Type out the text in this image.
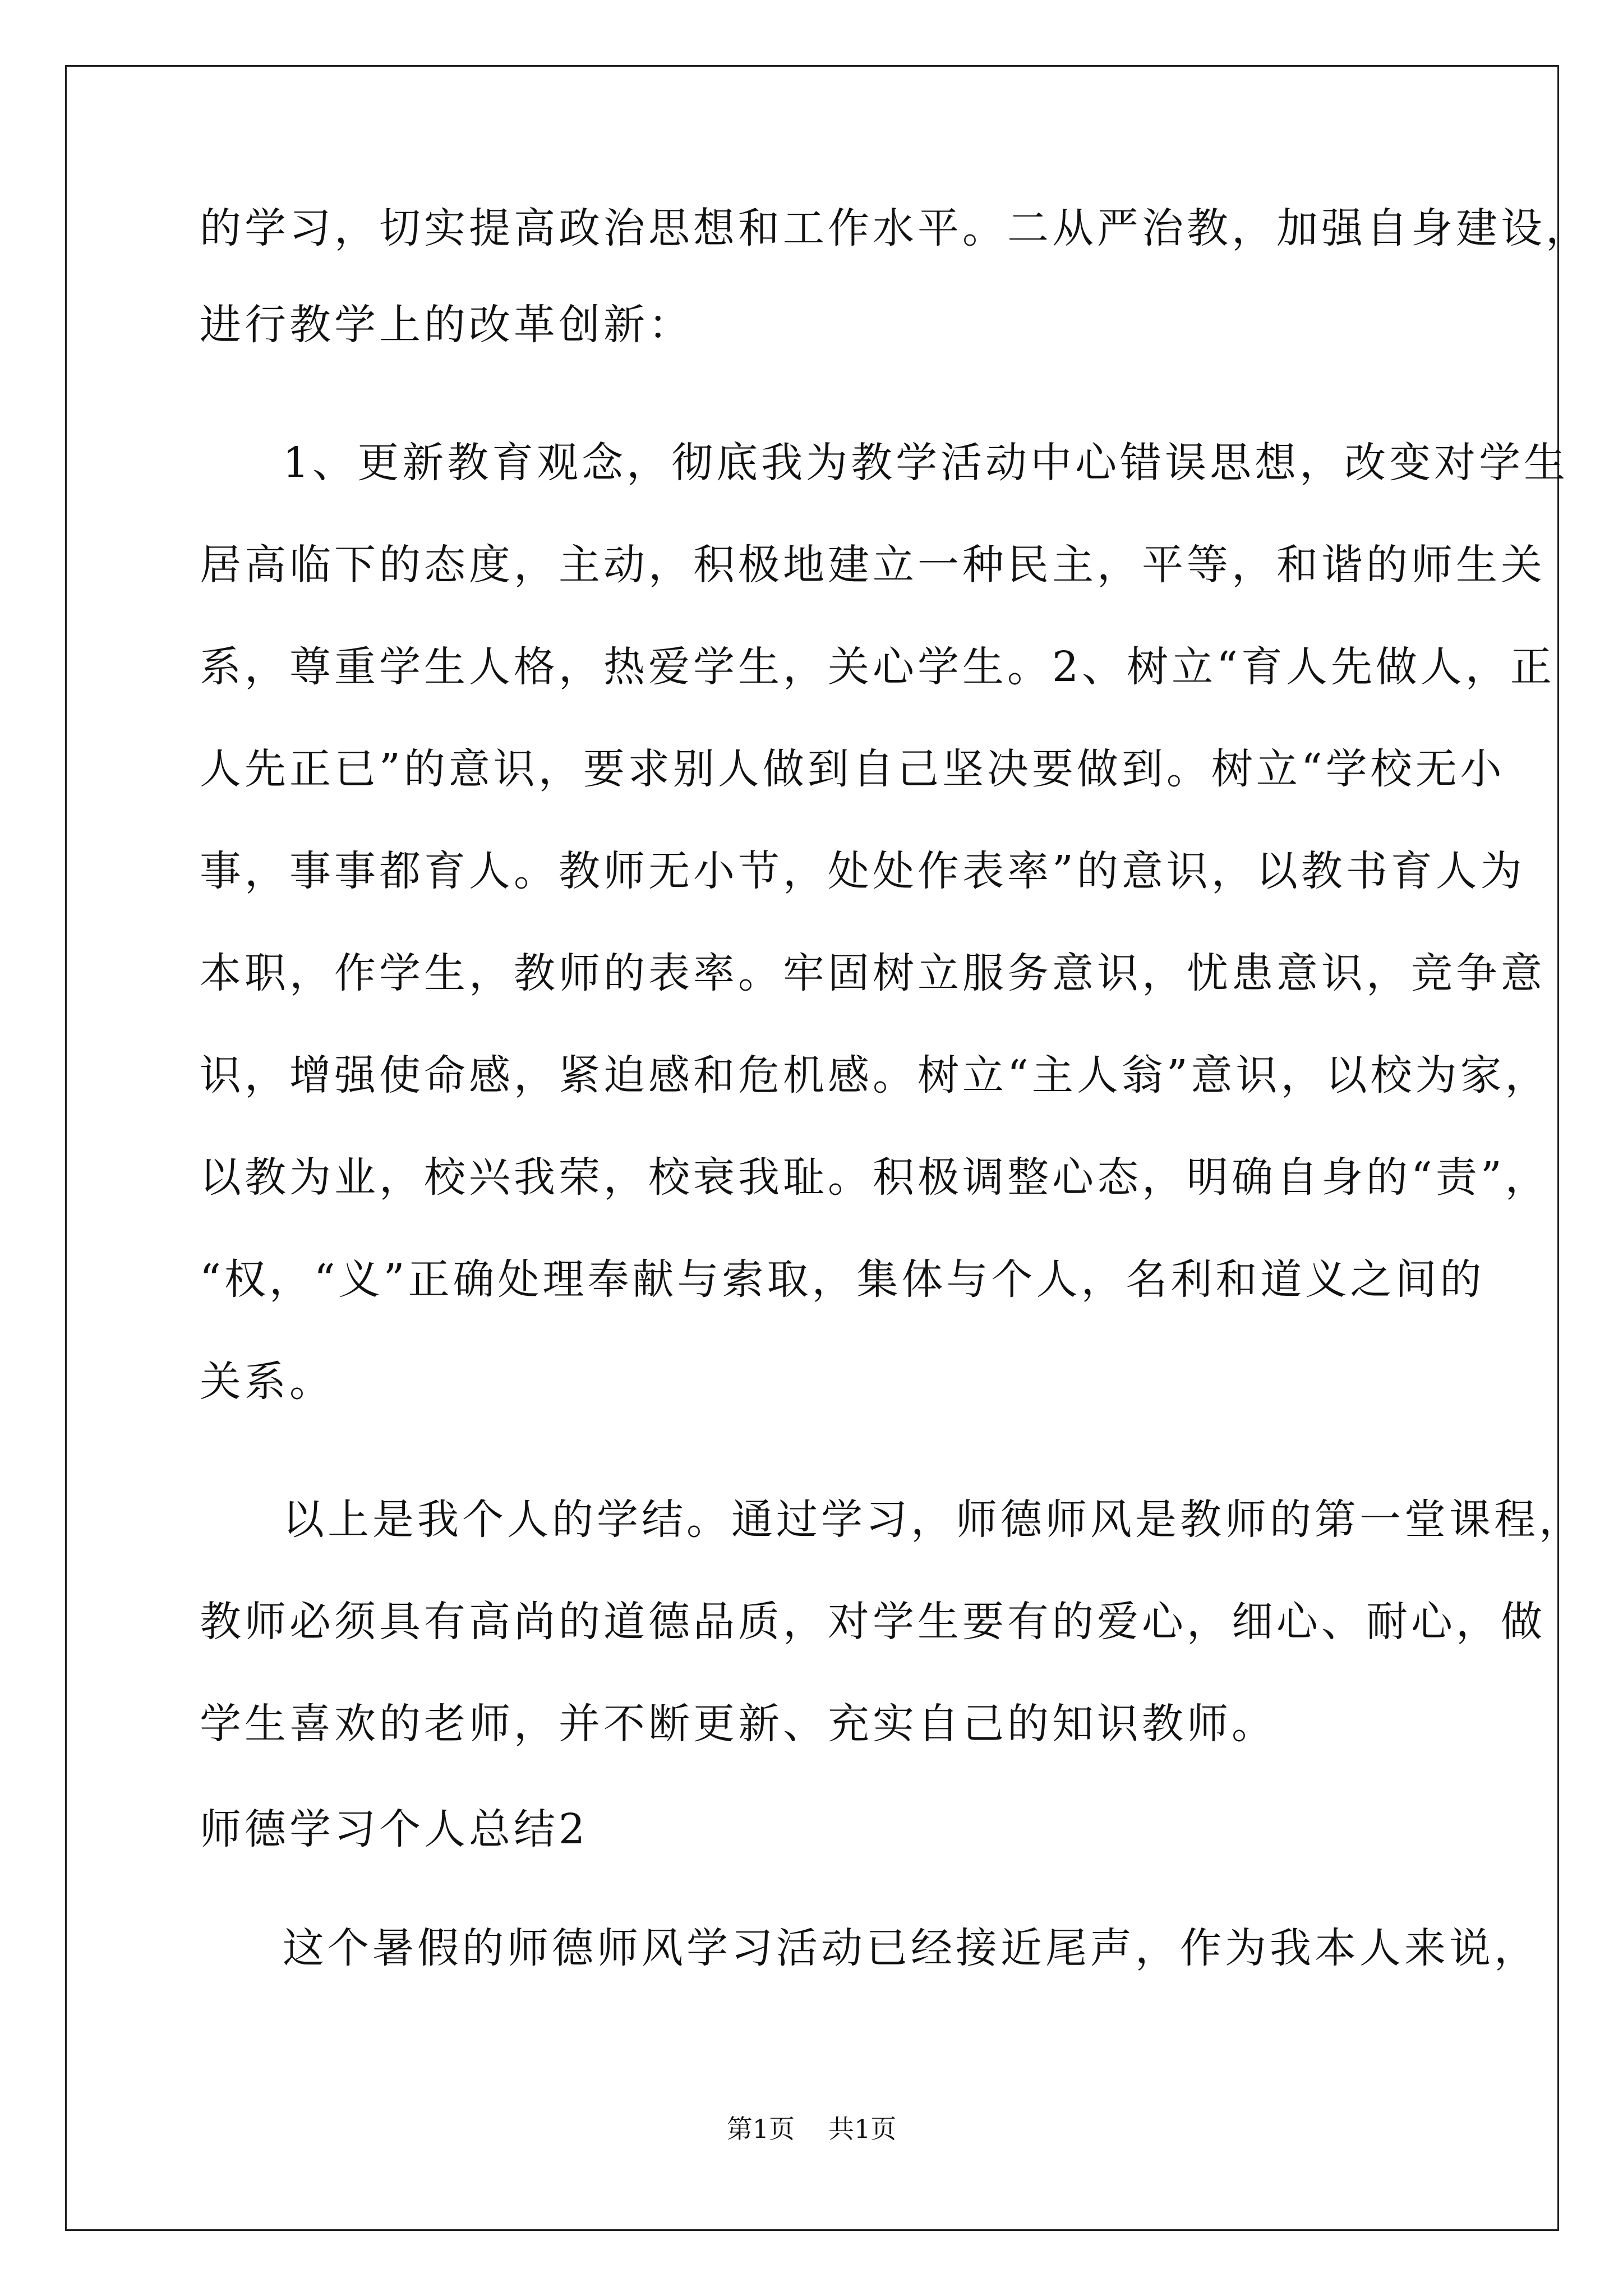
的学习，切实提高政治思想和工作水平。二从严治教，加强自身建设，
进行教学上的改革创新：
1、更新教育观念，彻底我为教学活动中心错误思想，改变对学生
居高临下的态度，主动，积极地建立一种民主，平等，和谐的师生关
系，尊重学生人格，热爱学生，关心学生。2、树立“育人先做人，正
人先正已”的意识，要求别人做到自己坚决要做到。树立“学校无小
事，事事都育人。教师无小节，处处作表率”的意识，以教书育人为
本职，作学生，教师的表率。牢固树立服务意识，忧患意识，竞争意
识，增强使命感，紧迫感和危机感。树立“主人翁”意识，以校为家，
以教为业，校兴我荣，校衰我耻。积极调整心态，明确自身的“责”，
“权，“义”正确处理奉献与索取，集体与个人，名利和道义之间的
关系。
以上是我个人的学结。通过学习，师德师风是教师的第一堂课程，
教师必须具有高尚的道德品质，对学生要有的爱心，细心、耐心，做
学生喜欢的老师，并不断更新、充实自己的知识教师。
师德学习个人总结2
这个暑假的师德师风学习活动已经接近尾声，作为我本人来说，
第1页 共1页
